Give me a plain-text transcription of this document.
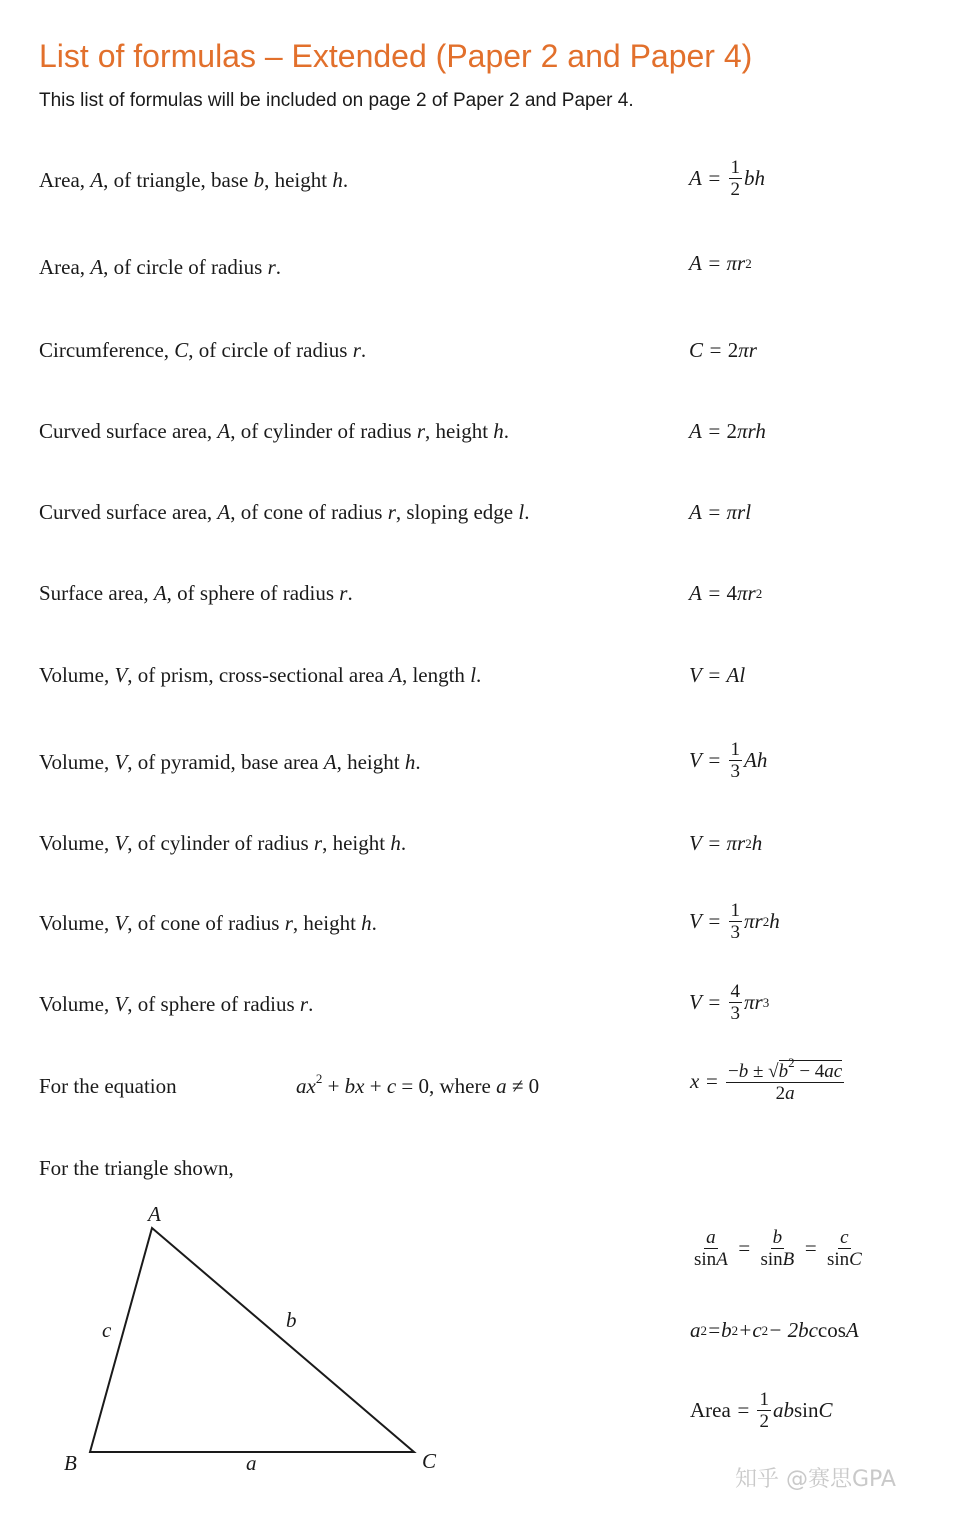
List of formulas – Extended (Paper 2 and Paper 4)
This list of formulas will be included on page 2 of Paper 2 and Paper 4.
Area, A, of triangle, base b, height h.	$A = \frac{1}{2}$ bh
Area, A, of circle of radius r.	A = πr 2
Circumference, C, of circle of radius r.	C = 2 πr
Curved surface area, A, of cylinder of radius r, height h.	A = 2 πrh
Curved surface area, A, of cone of radius r, sloping edge l.	A = πrl
Surface area, A, of sphere of radius r.	A = 4 πr 2
Volume, V, of prism, cross-sectional area A, length l.	V = Al
Volume, V, of pyramid, base area A, height h.	$V = \frac{1}{3}$ Ah
Volume, V, of cylinder of radius r, height h.	V = πr 2 h
Volume, V, of cone of radius r, height h.	$V = \frac{1}{3}$ πr 2 h
Volume, V, of sphere of radius r.	$V = \frac{4}{3}$ πr 3
For the equation	$ax^2$ + bx + c = 0, where a ≠ 0	$x = \frac{-b \pm √b^2 - 4ac}{2a}$
For the triangle shown,
A
B	C
a
b
c
$\frac{a}{\sin A} = \frac{b}{\sin B} = \frac{c}{\sin C}$
a 2 = b 2 + c 2 − 2 bc cos A
Area = $\frac{1}{2}$ ab sin C
知乎 @赛思GPA
